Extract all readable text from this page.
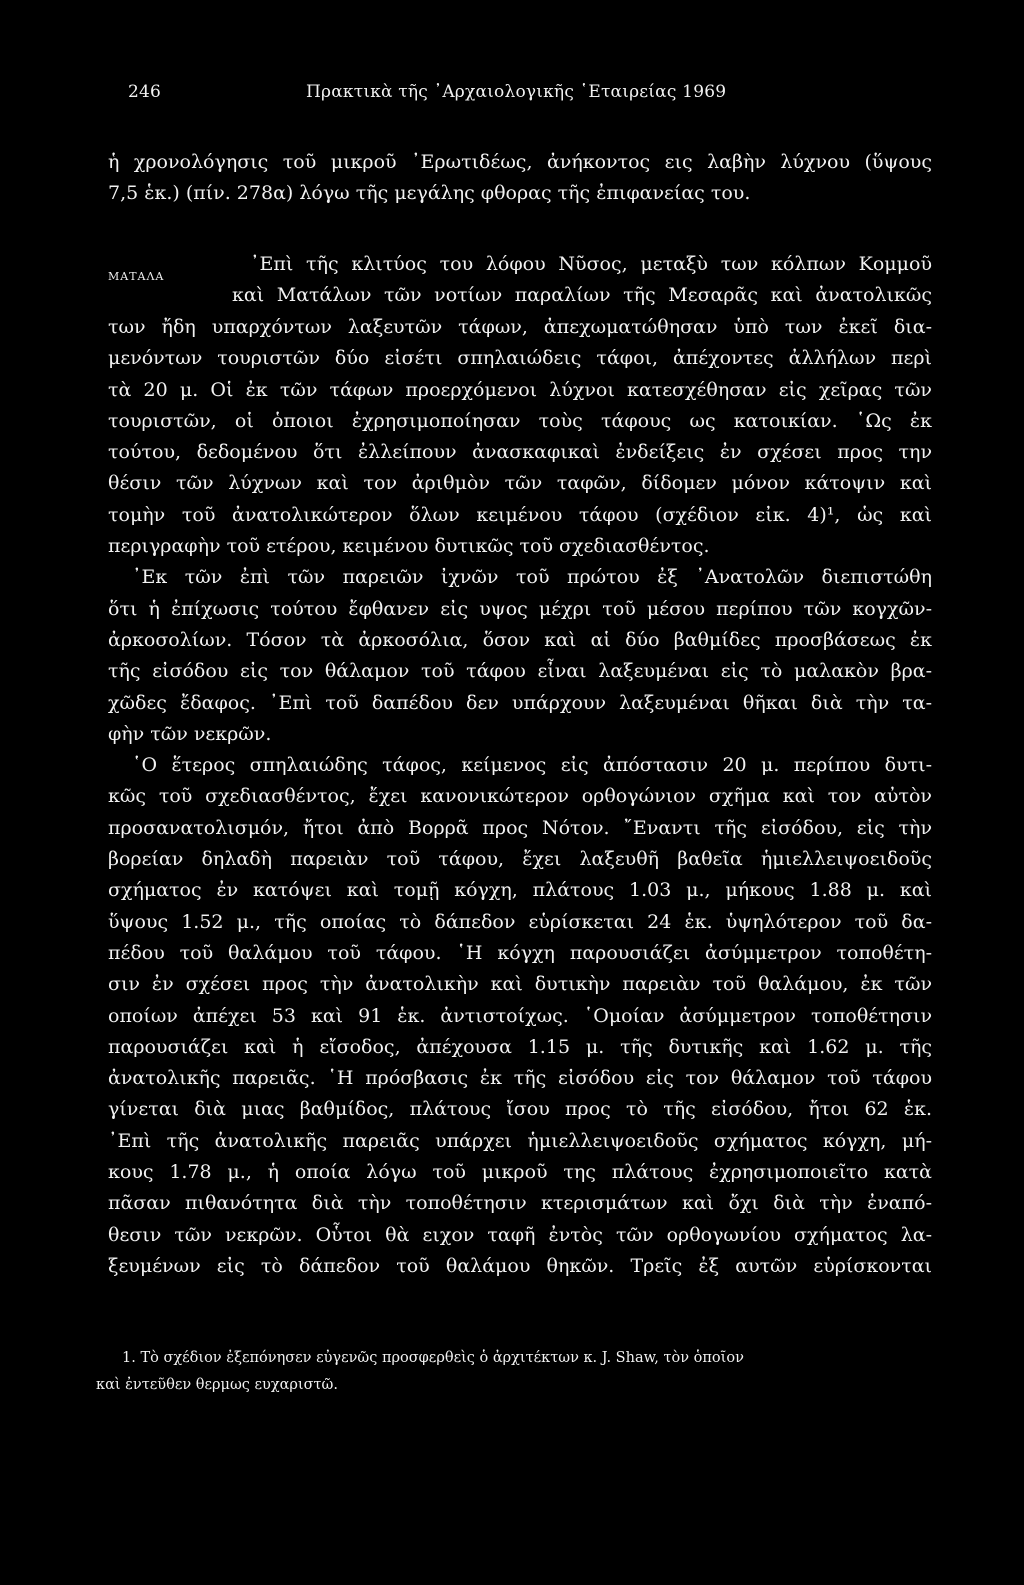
246	Πρακτικὰ τῆς ᾿Αρχαιολογικῆς ῾Εταιρείας 1969
ἡ χρονολόγησις τοῦ μικροῦ ᾿Ερωτιδέως, ἀνήκοντος εις λαβὴν λύχνου (ὕψους
7,5 ἑκ.) (πίν. 278α) λόγω τῆς μεγάλης φθορας τῆς ἐπιφανείας του.
ΜΑΤΑΛΑ
᾿Επὶ τῆς κλιτύος του λόφου Νῦσος, μεταξὺ των κόλπων Κομμοῦ
καὶ Ματάλων τῶν νοτίων παραλίων τῆς Μεσαρᾶς καὶ ἀνατολικῶς
των ἤδη υπαρχόντων λαξευτῶν τάφων, ἀπεχωματώθησαν ὑπὸ των ἐκεῖ δια-
μενόντων τουριστῶν δύο εἰσέτι σπηλαιώδεις τάφοι, ἀπέχοντες ἀλλήλων περὶ
τὰ 20 μ. Οἱ ἐκ τῶν τάφων προερχόμενοι λύχνοι κατεσχέθησαν εἰς χεῖρας τῶν
τουριστῶν, οἱ ὁποιοι ἐχρησιμοποίησαν τοὺς τάφους ως κατοικίαν. ῾Ως ἐκ
τούτου, δεδομένου ὅτι ἐλλείπουν ἀνασκαφικαὶ ἐνδείξεις ἐν σχέσει προς την
θέσιν τῶν λύχνων καὶ τον ἀριθμὸν τῶν ταφῶν, δίδομεν μόνον κάτοψιν καὶ
τομὴν τοῦ ἀνατολικώτερον ὅλων κειμένου τάφου (σχέδιον εἰκ. 4)¹, ὡς καὶ
περιγραφὴν τοῦ ετέρου, κειμένου δυτικῶς τοῦ σχεδιασθέντος.
᾿Εκ τῶν ἐπὶ τῶν παρειῶν ἰχνῶν τοῦ πρώτου ἐξ ᾿Ανατολῶν διεπιστώθη
ὅτι ἡ ἐπίχωσις τούτου ἔφθανεν εἰς υψος μέχρι τοῦ μέσου περίπου τῶν κογχῶν-
ἀρκοσολίων. Τόσον τὰ ἀρκοσόλια, ὅσον καὶ αἱ δύο βαθμίδες προσβάσεως ἐκ
τῆς εἰσόδου εἰς τον θάλαμον τοῦ τάφου εἶναι λαξευμέναι εἰς τὸ μαλακὸν βρα-
χῶδες ἔδαφος. ᾿Επὶ τοῦ δαπέδου δεν υπάρχουν λαξευμέναι θῆκαι διὰ τὴν τα-
φὴν τῶν νεκρῶν.
῾Ο ἕτερος σπηλαιώδης τάφος, κείμενος εἰς ἀπόστασιν 20 μ. περίπου δυτι-
κῶς τοῦ σχεδιασθέντος, ἔχει κανονικώτερον ορθογώνιον σχῆμα καὶ τον αὐτὸν
προσανατολισμόν, ἤτοι ἀπὸ Βορρᾶ προς Νότον. ῎Εναντι τῆς εἰσόδου, εἰς τὴν
βορείαν δηλαδὴ παρειὰν τοῦ τάφου, ἔχει λαξευθῆ βαθεῖα ἡμιελλειψοειδοῦς
σχήματος ἐν κατόψει καὶ τομῇ κόγχη, πλάτους 1.03 μ., μήκους 1.88 μ. καὶ
ὕψους 1.52 μ., τῆς οποίας τὸ δάπεδον εὑρίσκεται 24 ἑκ. ὑψηλότερον τοῦ δα-
πέδου τοῦ θαλάμου τοῦ τάφου. ῾Η κόγχη παρουσιάζει ἀσύμμετρον τοποθέτη-
σιν ἐν σχέσει προς τὴν ἀνατολικὴν καὶ δυτικὴν παρειὰν τοῦ θαλάμου, ἐκ τῶν
οποίων ἀπέχει 53 καὶ 91 ἑκ. ἀντιστοίχως. ῾Ομοίαν ἀσύμμετρον τοποθέτησιν
παρουσιάζει καὶ ἡ εἴσοδος, ἀπέχουσα 1.15 μ. τῆς δυτικῆς καὶ 1.62 μ. τῆς
ἀνατολικῆς παρειᾶς. ῾Η πρόσβασις ἐκ τῆς εἰσόδου εἰς τον θάλαμον τοῦ τάφου
γίνεται διὰ μιας βαθμίδος, πλάτους ἴσου προς τὸ τῆς εἰσόδου, ἤτοι 62 ἑκ.
᾿Επὶ τῆς ἀνατολικῆς παρειᾶς υπάρχει ἡμιελλειψοειδοῦς σχήματος κόγχη, μή-
κους 1.78 μ., ἡ οποία λόγω τοῦ μικροῦ της πλάτους ἐχρησιμοποιεῖτο κατὰ
πᾶσαν πιθανότητα διὰ τὴν τοποθέτησιν κτερισμάτων καὶ ὄχι διὰ τὴν ἐναπό-
θεσιν τῶν νεκρῶν. Οὗτοι θὰ ειχον ταφῆ ἐντὸς τῶν ορθογωνίου σχήματος λα-
ξευμένων εἰς τὸ δάπεδον τοῦ θαλάμου θηκῶν. Τρεῖς ἐξ αυτῶν εὑρίσκονται
1. Τὸ σχέδιον ἐξεπόνησεν εὐγενῶς προσφερθεὶς ὁ ἀρχιτέκτων κ. J. Shaw, τὸν ὁποῖον
καὶ ἐντεῦθεν θερμως ευχαριστῶ.
